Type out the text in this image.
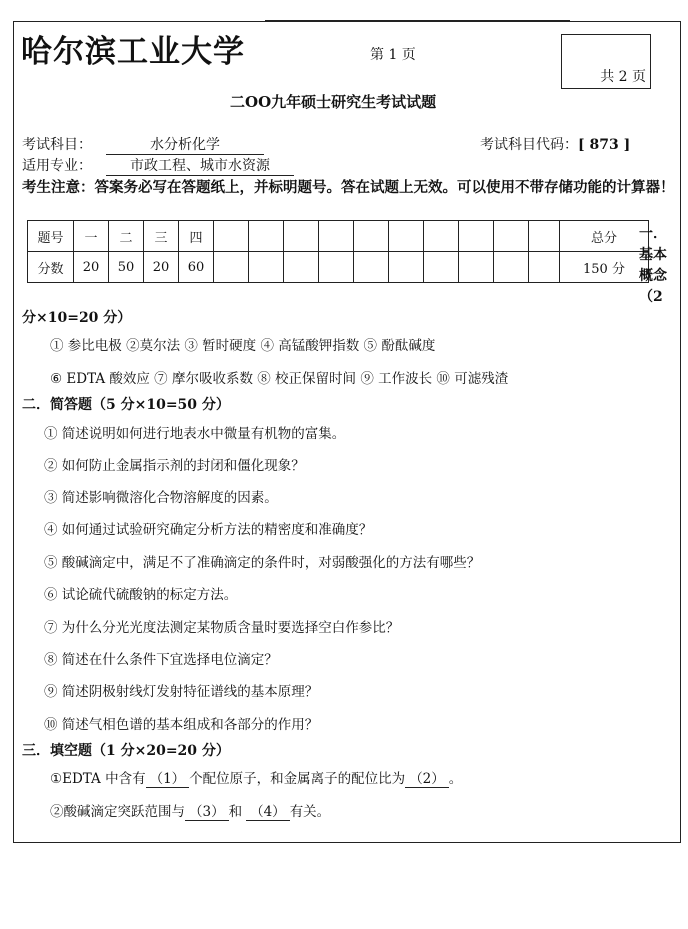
哈尔滨工业大学	第 1 页
共 2 页
二OO九年硕士研究生考试试题
考试科目：	水分析化学	考试科目代码：[ 873 ]
适用专业：	市政工程、城市水资源
考生注意：答案务必写在答题纸上，并标明题号。答在试题上无效。可以使用不带存储功能的计算器！
题号	一	二	三	四											总分
分数	20	50	20	60											150 分
一．基本概念（2
分×10=20 分）
① 参比电极 ②莫尔法 ③ 暂时硬度 ④ 高锰酸钾指数 ⑤ 酚酞碱度
⑥ EDTA 酸效应 ⑦ 摩尔吸收系数 ⑧ 校正保留时间 ⑨ 工作波长 ⑩ 可滤残渣
二．简答题（5 分×10=50 分）
① 简述说明如何进行地表水中微量有机物的富集。
② 如何防止金属指示剂的封闭和僵化现象？
③ 简述影响微溶化合物溶解度的因素。
④ 如何通过试验研究确定分析方法的精密度和准确度？
⑤ 酸碱滴定中，满足不了准确滴定的条件时，对弱酸强化的方法有哪些？
⑥ 试论硫代硫酸钠的标定方法。
⑦ 为什么分光光度法测定某物质含量时要选择空白作参比？
⑧ 简述在什么条件下宜选择电位滴定？
⑨ 简述阴极射线灯发射特征谱线的基本原理？
⑩ 简述气相色谱的基本组成和各部分的作用？
三．填空题（1 分×20=20 分）
①EDTA 中含有 （1） 个配位原子，和金属离子的配位比为 （2） 。
②酸碱滴定突跃范围与 （3） 和 （4） 有关。
